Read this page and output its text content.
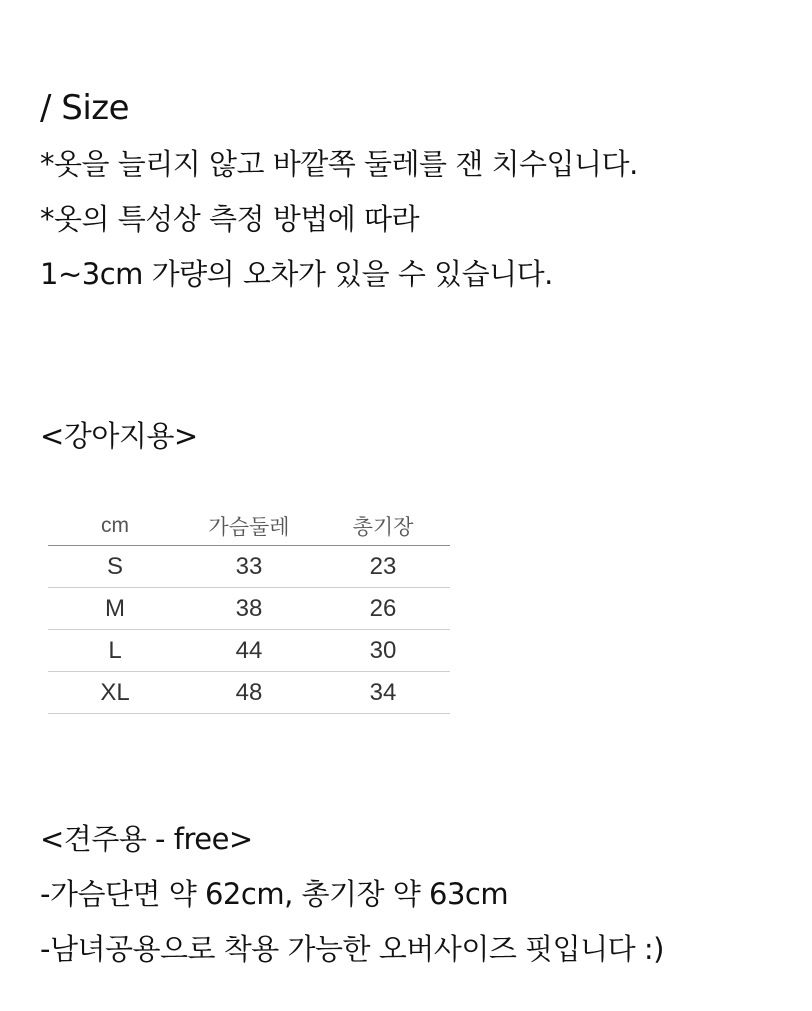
/ Size
*옷을 늘리지 않고 바깥쪽 둘레를 잰 치수입니다.
*옷의 특성상 측정 방법에 따라
1~3cm 가량의 오차가 있을 수 있습니다.
<강아지용>
cm	가슴둘레	총기장
S	33	23
M	38	26
L	44	30
XL	48	34
<견주용 - free>
-가슴단면 약 62cm, 총기장 약 63cm
-남녀공용으로 착용 가능한 오버사이즈 핏입니다 :)
